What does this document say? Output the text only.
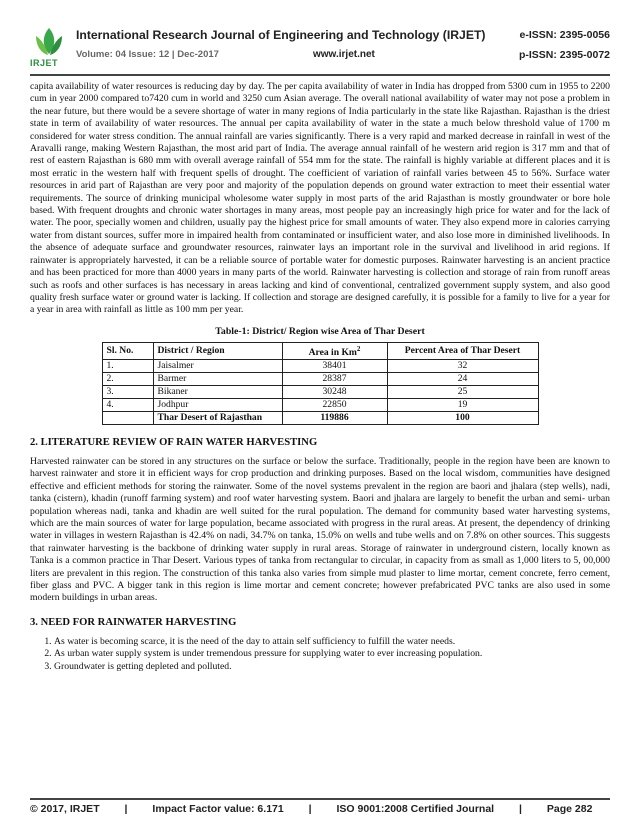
IRJET
International Research Journal of Engineering and Technology (IRJET)	e-ISSN: 2395-0056
Volume: 04 Issue: 12 | Dec-2017	www.irjet.net	p-ISSN: 2395-0072

capita availability of water resources is reducing day by day. The per capita availability of water in India has dropped from 5300 cum in 1955 to 2200 cum in year 2000 compared to7420 cum in world and 3250 cum Asian average. The overall national availability of water may not pose a problem in the near future, but there would be a severe shortage of water in many regions of India particularly in the state like Rajasthan. Rajasthan is the driest state in term of availability of water resources. The annual per capita availability of water in the state a much below threshold value of 1700 m considered for water stress condition. The annual rainfall are varies significantly. There is a very rapid and marked decrease in rainfall in west of the Aravalli range, making Western Rajasthan, the most arid part of India. The average annual rainfall of he western arid region is 317 mm and that of rest of eastern Rajasthan is 680 mm with overall average rainfall of 554 mm for the state. The rainfall is highly variable at different places and it is most erratic in the western half with frequent spells of drought. The coefficient of variation of rainfall varies between 45 to 56%. Surface water resources in arid part of Rajasthan are very poor and majority of the population depends on ground water extraction to meet their essential water requirements. The source of drinking municipal wholesome water supply in most parts of the arid Rajasthan is mostly groundwater or bore hole based. With frequent droughts and chronic water shortages in many areas, most people pay an increasingly high price for water and for the lack of water. The poor, specially women and children, usually pay the highest price for small amounts of water. They also expend more in calories carrying water from distant sources, suffer more in impaired health from contaminated or insufficient water, and also lose more in diminished livelihoods. In the absence of adequate surface and groundwater resources, rainwater lays an important role in the survival and livelihood in arid regions. If rainwater is appropriately harvested, it can be a reliable source of portable water for domestic purposes. Rainwater harvesting is an ancient practice and has been practiced for more than 4000 years in many parts of the world. Rainwater harvesting is collection and storage of rain from runoff areas such as roofs and other surfaces is has necessary in areas lacking and kind of conventional, centralized government supply system, and also good quality fresh surface water or ground water is lacking. If collection and storage are designed carefully, it is possible for a family to live for a year for a year in area with rainfall as little as 100 mm per year.

Table-1: District/ Region wise Area of Thar Desert
Sl. No.	District / Region	Area in Km$^2$	Percent Area of Thar Desert
1.	Jaisalmer	38401	32
2.	Barmer	28387	24
3.	Bikaner	30248	25
4.	Jodhpur	22850	19
	Thar Desert of Rajasthan	119886	100
2. LITERATURE REVIEW OF RAIN WATER HARVESTING

Harvested rainwater can be stored in any structures on the surface or below the surface. Traditionally, people in the region have been are known to harvest rainwater and store it in efficient ways for crop production and drinking purposes. Based on the local wisdom, communities have designed effective and efficient methods for storing the rainwater. Some of the novel systems prevalent in the region are baori and jhalara (step wells), nadi, tanka (cistern), khadin (runoff farming system) and roof water harvesting system. Baori and jhalara are largely to benefit the urban and semi- urban population whereas nadi, tanka and khadin are well suited for the rural population. The demand for community based water harvesting systems, which are the main sources of water for large population, became associated with progress in the rural areas. At present, the dependency of drinking water in villages in western Rajasthan is 42.4% on nadi, 34.7% on tanka, 15.0% on wells and tube wells and on 7.8% on other sources. This suggests that rainwater harvesting is the backbone of drinking water supply in rural areas. Storage of rainwater in underground cistern, locally known as Tanka is a common practice in Thar Desert. Various types of tanka from rectangular to circular, in capacity from as small as 1,000 liters to 5, 00,000 liters are prevalent in this region. The construction of this tanka also varies from simple mud plaster to lime mortar, cement concrete, ferro cement, fiber glass and PVC. A bigger tank in this region is lime mortar and cement concrete; however prefabricated PVC tanks are also used in some modern buildings in urban areas.

3. NEED FOR RAINWATER HARVESTING
1. As water is becoming scarce, it is the need of the day to attain self sufficiency to fulfill the water needs.
2. As urban water supply system is under tremendous pressure for supplying water to ever increasing population.
3. Groundwater is getting depleted and polluted.
© 2017, IRJET | Impact Factor value: 6.171 | ISO 9001:2008 Certified Journal | Page 282
